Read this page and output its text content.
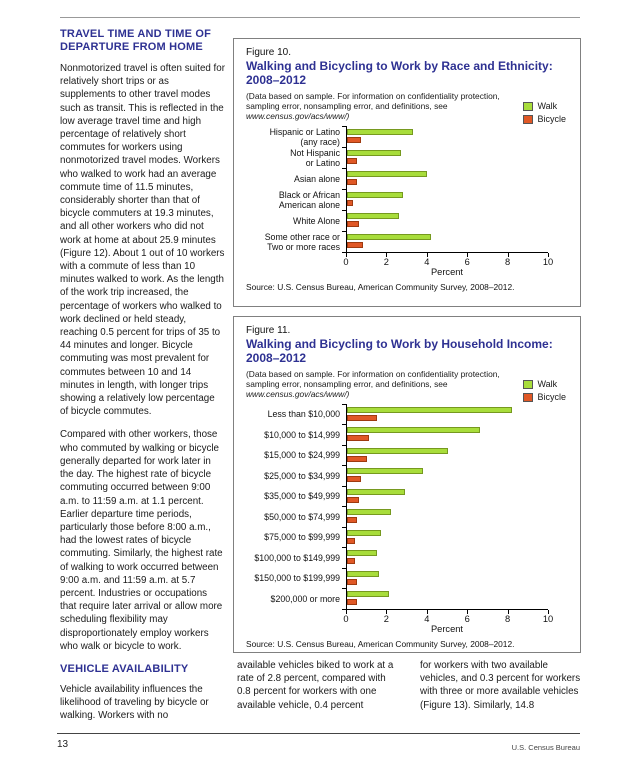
TRAVEL TIME AND TIME OF DEPARTURE FROM HOME

Nonmotorized travel is often suited for relatively short trips or as supplements to other travel modes such as transit. This is reflected in the low average travel time and high percentage of relatively short commutes for workers using nonmotorized travel modes. Workers who walked to work had an average commute time of 11.5 minutes, considerably shorter than that of bicycle commuters at 19.3 minutes, and all other workers who did not work at home at about 25.9 minutes (Figure 12). About 1 out of 10 workers with a commute of less than 10 minutes walked to work. As the length of the work trip increased, the percentage of workers who walked to work declined or held steady, reaching 0.5 percent for trips of 35 to 44 minutes and longer. Bicycle commuting was most prevalent for commutes between 10 and 14 minutes in length, with longer trips showing a relatively low percentage of bicycle commutes.

Compared with other workers, those who commuted by walking or bicycle generally departed for work later in the day. The highest rate of bicycle commuting occurred between 9:00 a.m. to 11:59 a.m. at 1.1 percent. Earlier departure time periods, particularly those before 8:00 a.m., had the lowest rates of bicycle commuting. Similarly, the highest rate of walking to work occurred between 9:00 a.m. and 11:59 a.m. at 5.7 percent. Industries or occupations that require later arrival or allow more scheduling flexibility may disproportionately employ workers who walk or bicycle to work.

VEHICLE AVAILABILITY

Vehicle availability influences the likelihood of traveling by bicycle or walking. Workers with no

Figure 10.
Walking and Bicycling to Work by Race and Ethnicity: 2008–2012
(Data based on sample. For information on confidentiality protection, sampling error, nonsampling error, and definitions, see www.census.gov/acs/www/)
Walk
Bicycle
Hispanic or Latino
(any race)
Not Hispanic
or Latino
Asian alone
Black or African
American alone
White Alone
Some other race or
Two or more races
0	2	4	6	8	10
Percent
Source: U.S. Census Bureau, American Community Survey, 2008–2012.
Figure 11.
Walking and Bicycling to Work by Household Income: 2008–2012
(Data based on sample. For information on confidentiality protection, sampling error, nonsampling error, and definitions, see www.census.gov/acs/www/)
Walk
Bicycle
Less than $10,000
$10,000 to $14,999
$15,000 to $24,999
$25,000 to $34,999
$35,000 to $49,999
$50,000 to $74,999
$75,000 to $99,999
$100,000 to $149,999
$150,000 to $199,999
$200,000 or more
0	2	4	6	8	10
Percent
Source: U.S. Census Bureau, American Community Survey, 2008–2012.

available vehicles biked to work at a rate of 2.8 percent, compared with 0.8 percent for workers with one available vehicle, 0.4 percent

for workers with two available vehicles, and 0.3 percent for workers with three or more available vehicles (Figure 13). Similarly, 14.8

13	U.S. Census Bureau
